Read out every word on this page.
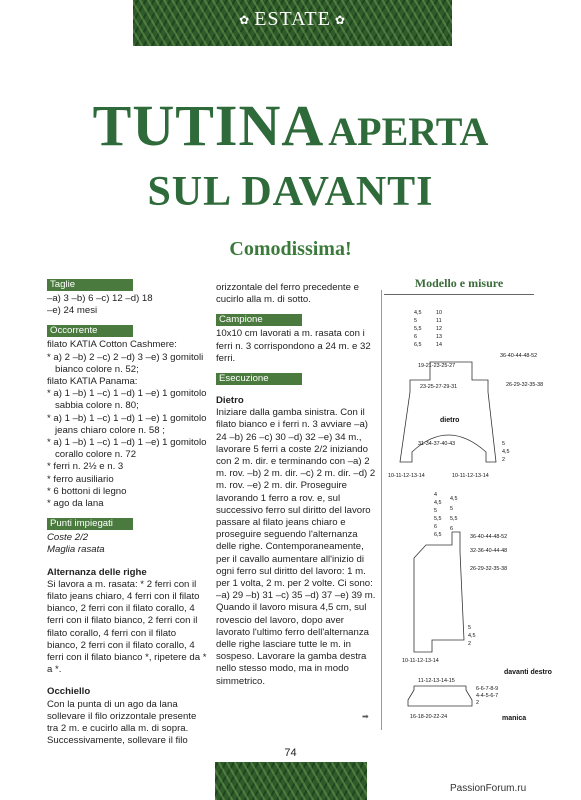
✿ ESTATE ✿
TUTINA APERTA
SUL DAVANTI
Comodissima!
Taglie
–a) 3 –b) 6 –c) 12 –d) 18
–e) 24 mesi
Occorrente
filato KATIA Cotton Cashmere:
* a) 2 –b) 2 –c) 2 –d) 3 –e) 3 gomitoli bianco colore n. 52;
filato KATIA Panama:
* a) 1 –b) 1 –c) 1 –d) 1 –e) 1 gomitolo sabbia colore n. 80;
* a) 1 –b) 1 –c) 1 –d) 1 –e) 1 gomitolo jeans chiaro colore n. 58 ;
* a) 1 –b) 1 –c) 1 –d) 1 –e) 1 gomitolo corallo colore n. 72
* ferri n. 2½ e n. 3
* ferro ausiliario
* 6 bottoni di legno
* ago da lana
Punti impiegati
Coste 2/2
Maglia rasata
Alternanza delle righe
Si lavora a m. rasata: * 2 ferri con il filato jeans chiaro, 4 ferri con il filato bianco, 2 ferri con il filato corallo, 4 ferri con il filato bianco, 2 ferri con il filato corallo, 4 ferri con il filato bianco, 2 ferri con il filato corallo, 4 ferri con il filato bianco *, ripetere da * a *.
Occhiello
Con la punta di un ago da lana sollevare il filo orizzontale presente tra 2 m. e cucirlo alla m. di sopra. Successivamente, sollevare il filo
orizzontale del ferro precedente e cucirlo alla m. di sotto.
Campione
10x10 cm lavorati a m. rasata con i ferri n. 3 corrispondono a 24 m. e 32 ferri.
Esecuzione
Dietro
Iniziare dalla gamba sinistra. Con il filato bianco e i ferri n. 3 avviare –a) 24 –b) 26 –c) 30 –d) 32 –e) 34 m., lavorare 5 ferri a coste 2/2 iniziando con 2 m. dir. e terminando con –a) 2 m. rov. –b) 2 m. dir. –c) 2 m. dir. –d) 2 m. rov. –e) 2 m. dir. Proseguire lavorando 1 ferro a rov. e, sul successivo ferro sul diritto del lavoro passare al filato jeans chiaro e proseguire seguendo l'alternanza delle righe. Contemporaneamente, per il cavallo aumentare all'inizio di ogni ferro sul diritto del lavoro: 1 m. per 1 volta, 2 m. per 2 volte. Ci sono: –a) 29 –b) 31 –c) 35 –d) 37 –e) 39 m. Quando il lavoro misura 4,5 cm, sul rovescio del lavoro, dopo aver lavorato l'ultimo ferro dell'alternanza delle righe lasciare tutte le m. in sospeso. Lavorare la gamba destra nello stesso modo, ma in modo simmetrico.
➡
Modello e misure
4,5
5
5,5
6
6,5
10
11
12
13
14
19-21-23-25-27
23-25-27-29-31
36-40-44-48-52
26-29-32-35-38
dietro
31-34-37-40-43
10-11-12-13-14	10-11-12-13-14
5
4,5
2
4
4,5
5
5,5
6
6,5
4,5
5
5,5
6
36-40-44-48-52
32-36-40-44-48
26-29-32-35-38
5
4,5
2
10-11-12-13-14
davanti destro
11-12-13-14-15
6-6-7-8-9
4-4-5-6-7
2
16-18-20-22-24	manica
74
PassionForum.ru
